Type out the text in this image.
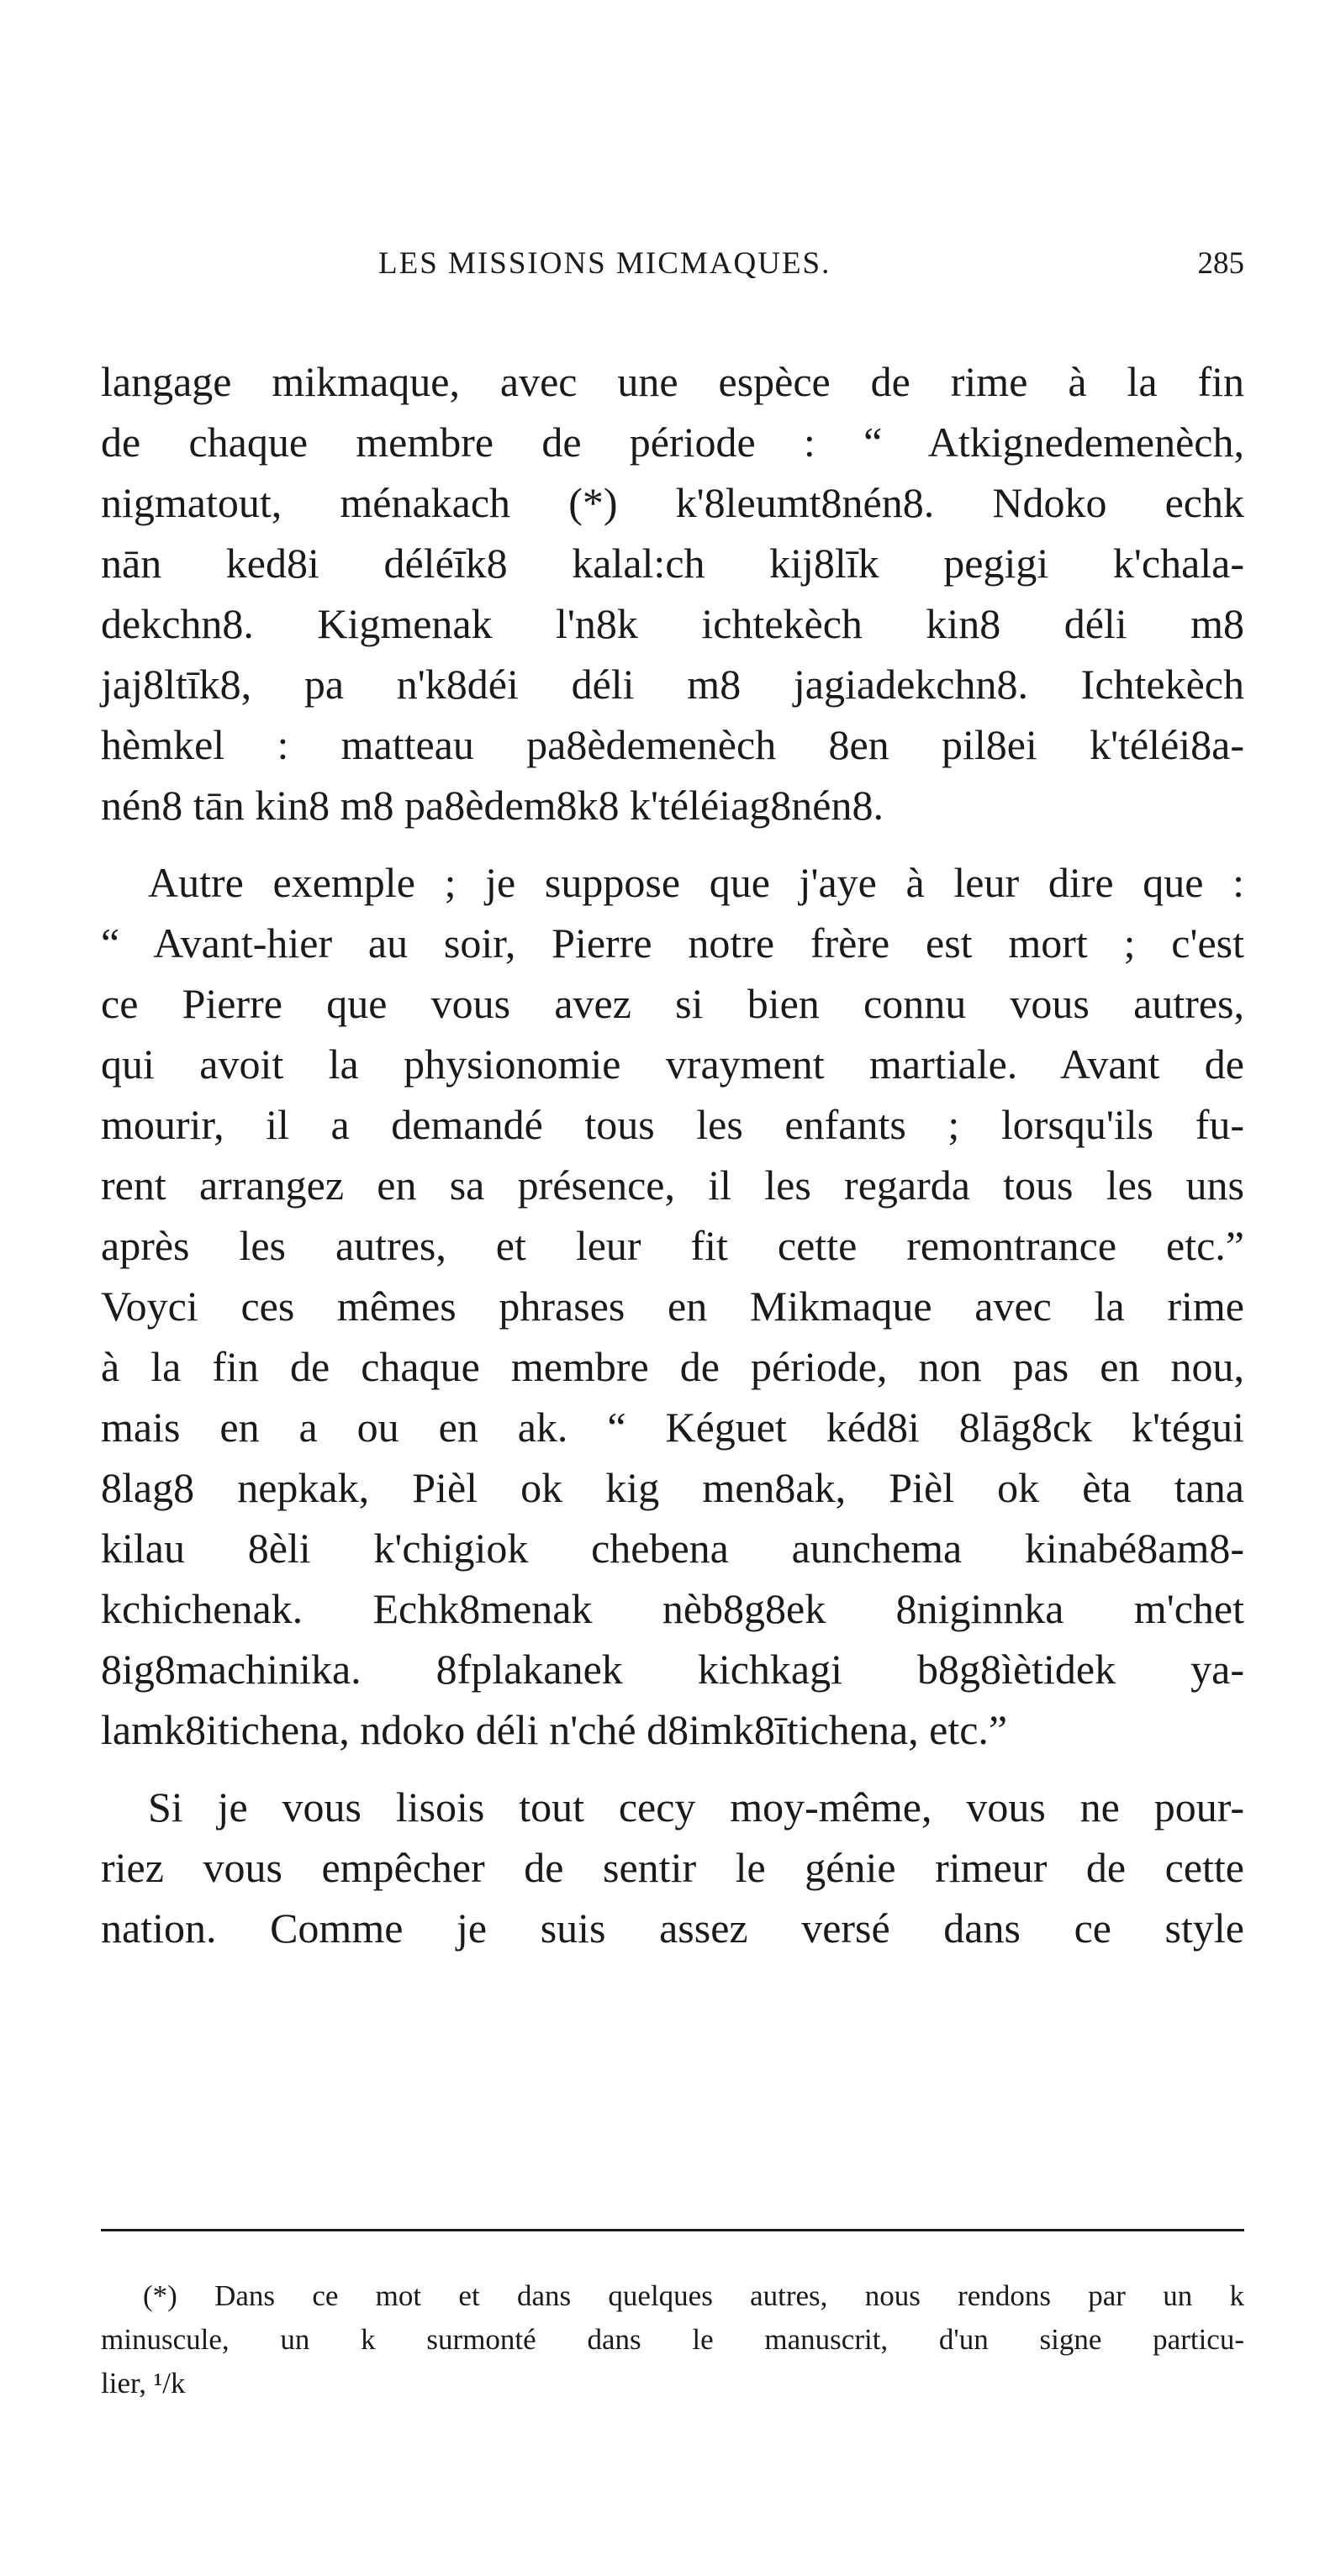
LES MISSIONS MICMAQUES.	285
langage mikmaque, avec une espèce de rime à la fin
de chaque membre de période : “ Atkignedemenèch,
nigmatout, ménakach (*) k'8leumt8nén8. Ndoko echk
nān ked8i déléīk8 kalal:ch kij8līk pegigi k'chala-
dekchn8. Kigmenak l'n8k ichtekèch kin8 déli m8
jaj8ltīk8, pa n'k8déi déli m8 jagiadekchn8. Ichtekèch
hèmkel : matteau pa8èdemenèch 8en pil8ei k'téléi8a-
nén8 tān kin8 m8 pa8èdem8k8 k'téléiag8nén8.
Autre exemple ; je suppose que j'aye à leur dire que :
“ Avant-hier au soir, Pierre notre frère est mort ; c'est
ce Pierre que vous avez si bien connu vous autres,
qui avoit la physionomie vrayment martiale. Avant de
mourir, il a demandé tous les enfants ; lorsqu'ils fu-
rent arrangez en sa présence, il les regarda tous les uns
après les autres, et leur fit cette remontrance etc.”
Voyci ces mêmes phrases en Mikmaque avec la rime
à la fin de chaque membre de période, non pas en nou,
mais en a ou en ak. “ Kéguet kéd8i 8lāg8ck k'tégui
8lag8 nepkak, Pièl ok kig men8ak, Pièl ok èta tana
kilau 8èli k'chigiok chebena aunchema kinabé8am8-
kchichenak. Echk8menak nèb8g8ek 8niginnka m'chet
8ig8machinika. 8fplakanek kichkagi b8g8ìètidek ya-
lamk8itichena, ndoko déli n'ché d8imk8ītichena, etc.”
Si je vous lisois tout cecy moy-même, vous ne pour-
riez vous empêcher de sentir le génie rimeur de cette
nation. Comme je suis assez versé dans ce style
(*) Dans ce mot et dans quelques autres, nous rendons par un k
minuscule, un k surmonté dans le manuscrit, d'un signe particu-
lier, ¹/k
